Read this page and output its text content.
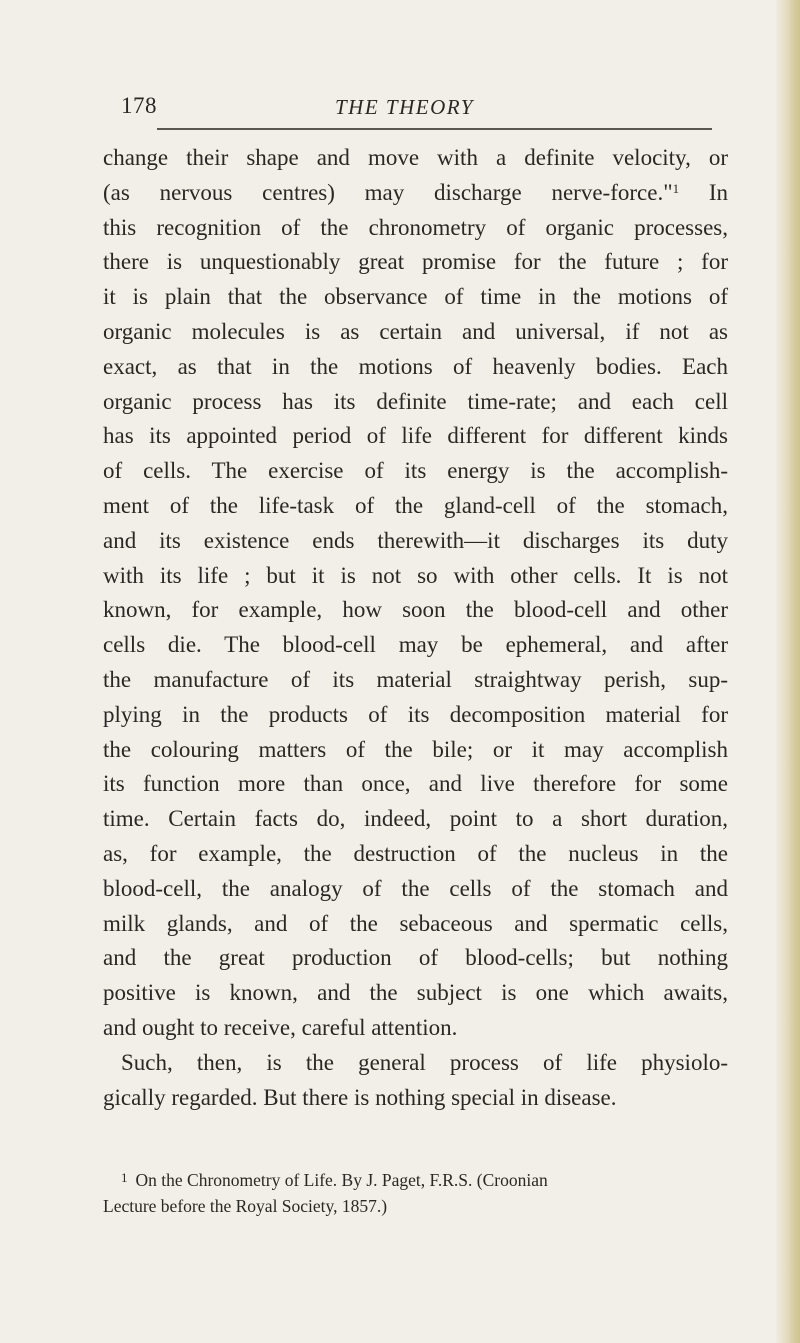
178	THE THEORY
change their shape and move with a definite velocity, or
(as nervous centres) may discharge nerve-force."$^1$ In
this recognition of the chronometry of organic processes,
there is unquestionably great promise for the future ; for
it is plain that the observance of time in the motions of
organic molecules is as certain and universal, if not as
exact, as that in the motions of heavenly bodies. Each
organic process has its definite time-rate; and each cell
has its appointed period of life different for different kinds
of cells. The exercise of its energy is the accomplish-
ment of the life-task of the gland-cell of the stomach,
and its existence ends therewith—it discharges its duty
with its life ; but it is not so with other cells. It is not
known, for example, how soon the blood-cell and other
cells die. The blood-cell may be ephemeral, and after
the manufacture of its material straightway perish, sup-
plying in the products of its decomposition material for
the colouring matters of the bile; or it may accomplish
its function more than once, and live therefore for some
time. Certain facts do, indeed, point to a short duration,
as, for example, the destruction of the nucleus in the
blood-cell, the analogy of the cells of the stomach and
milk glands, and of the sebaceous and spermatic cells,
and the great production of blood-cells; but nothing
positive is known, and the subject is one which awaits,
and ought to receive, careful attention.
Such, then, is the general process of life physiolo-
gically regarded. But there is nothing special in disease.
$^1$ On the Chronometry of Life. By J. Paget, F.R.S. (Croonian
Lecture before the Royal Society, 1857.)
